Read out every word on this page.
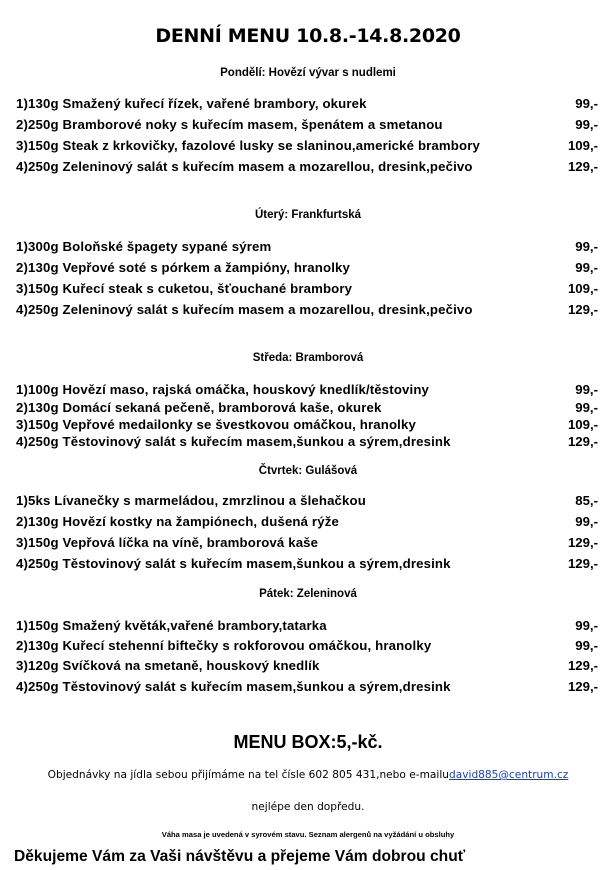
DENNÍ MENU 10.8.-14.8.2020
Pondělí: Hovězí vývar s nudlemi
1)130g Smažený kuřecí řízek, vařené brambory, okurek	99,-
2)250g Bramborové noky s kuřecím masem, špenátem a smetanou	99,-
3)150g Steak z krkovičky, fazolové lusky se slaninou,americké brambory	109,-
4)250g Zeleninový salát s kuřecím masem a mozarellou, dresink,pečivo	129,-
Úterý: Frankfurtská
1)300g Boloňské špagety sypané sýrem	99,-
2)130g Vepřové soté s pórkem a žampióny, hranolky	99,-
3)150g Kuřecí steak s cuketou, šťouchané brambory	109,-
4)250g Zeleninový salát s kuřecím masem a mozarellou, dresink,pečivo	129,-
Středa: Bramborová
1)100g Hovězí maso, rajská omáčka, houskový knedlík/těstoviny	99,-
2)130g Domácí sekaná pečeně, bramborová kaše, okurek	99,-
3)150g Vepřové medailonky se švestkovou omáčkou, hranolky	109,-
4)250g Těstovinový salát s kuřecím masem,šunkou a sýrem,dresink	129,-
Čtvrtek: Gulášová
1)5ks Lívanečky s marmeládou, zmrzlinou a šlehačkou	85,-
2)130g Hovězí kostky na žampiónech, dušená rýže	99,-
3)150g Vepřová líčka na víně, bramborová kaše	129,-
4)250g Těstovinový salát s kuřecím masem,šunkou a sýrem,dresink	129,-
Pátek: Zeleninová
1)150g Smažený květák,vařené brambory,tatarka	99,-
2)130g Kuřecí stehenní biftečky s rokforovou omáčkou, hranolky	99,-
3)120g Svíčková na smetaně, houskový knedlík	129,-
4)250g Těstovinový salát s kuřecím masem,šunkou a sýrem,dresink	129,-
MENU BOX:5,-kč.
Objednávky na jídla sebou přijímáme na tel čísle 602 805 431,nebo e-mailudavid885@centrum.cz
nejlépe den dopředu.
Váha masa je uvedená v syrovém stavu. Seznam alergenů na vyžádání u obsluhy
Děkujeme Vám za Vaši návštěvu a přejeme Vám dobrou chuť
